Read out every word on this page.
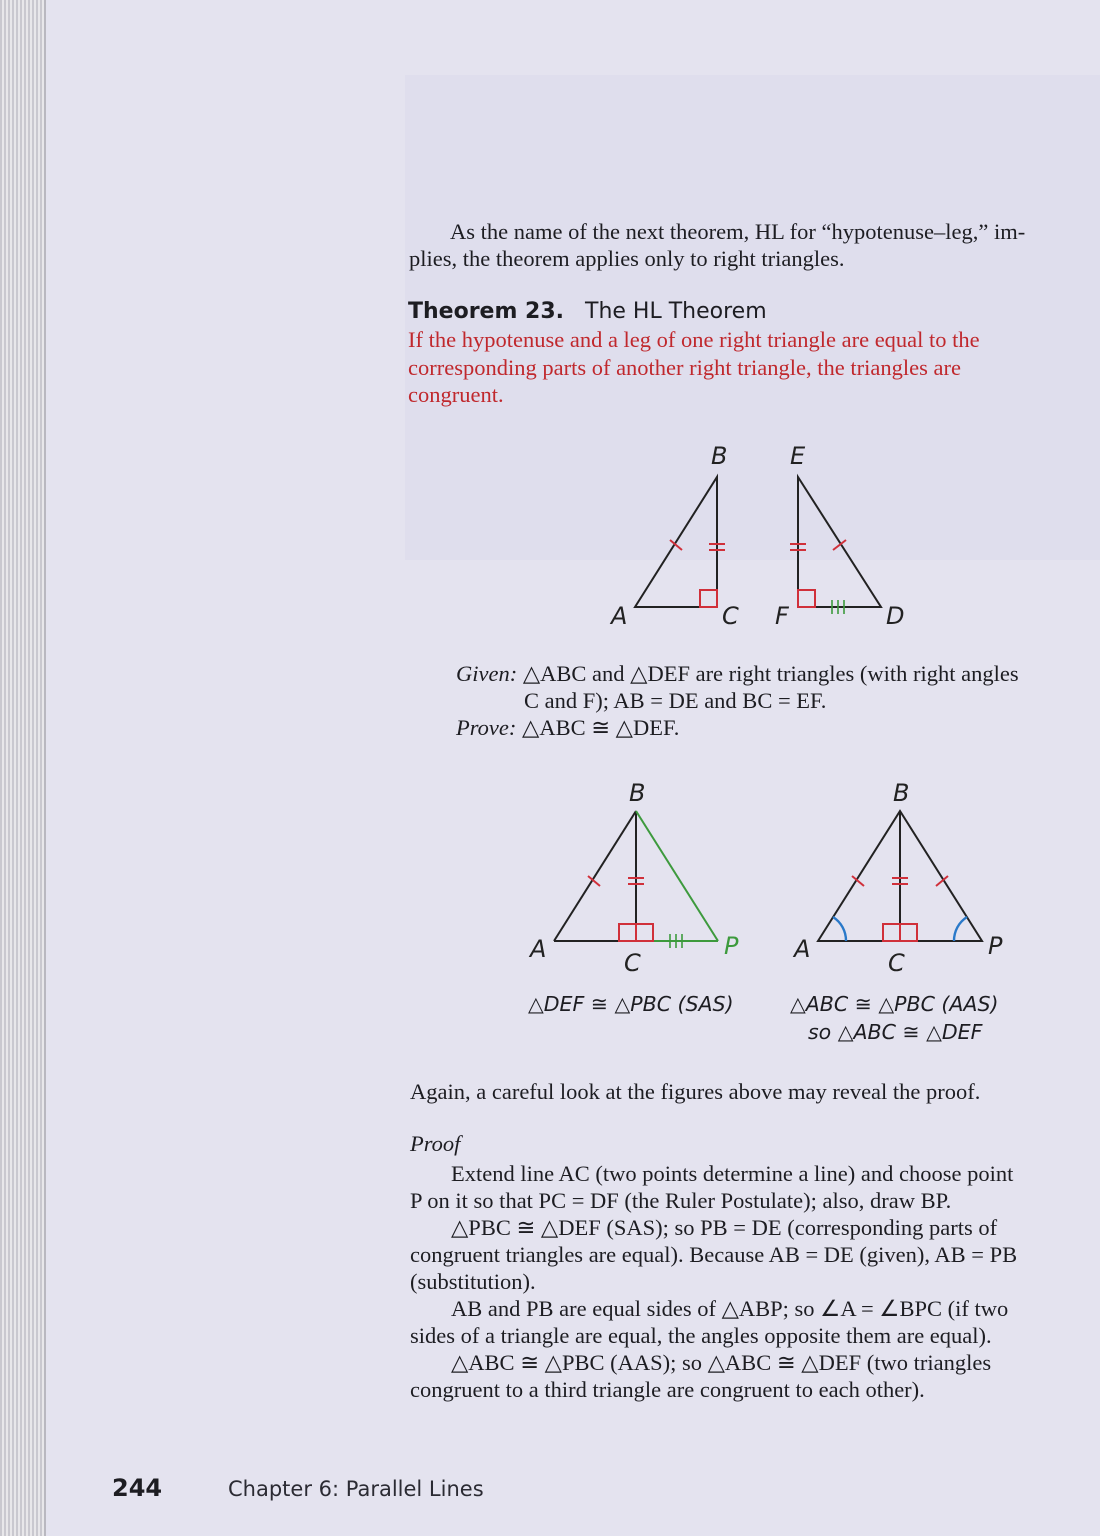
As the name of the next theorem, HL for “hypotenuse–leg,” im-

plies, the theorem applies only to right triangles.

Theorem 23. The HL Theorem
If the hypotenuse and a leg of one right triangle are equal to the
corresponding parts of another right triangle, the triangles are
congruent.
B	E
A	C F	D
Given: △ABC and △DEF are right triangles (with right angles
C and F); AB = DE and BC = EF.
Prove: △ABC ≅ △DEF.
B
A	C
P
B
A	C
P
△DEF ≅ △PBC (SAS)	△ABC ≅ △PBC (AAS)
so △ABC ≅ △DEF

Again, a careful look at the figures above may reveal the proof.

Proof

Extend line AC (two points determine a line) and choose point

P on it so that PC = DF (the Ruler Postulate); also, draw BP.

△PBC ≅ △DEF (SAS); so PB = DE (corresponding parts of

congruent triangles are equal). Because AB = DE (given), AB = PB

(substitution).

AB and PB are equal sides of △ABP; so ∠A = ∠BPC (if two

sides of a triangle are equal, the angles opposite them are equal).

△ABC ≅ △PBC (AAS); so △ABC ≅ △DEF (two triangles

congruent to a third triangle are congruent to each other).

244	Chapter 6: Parallel Lines
